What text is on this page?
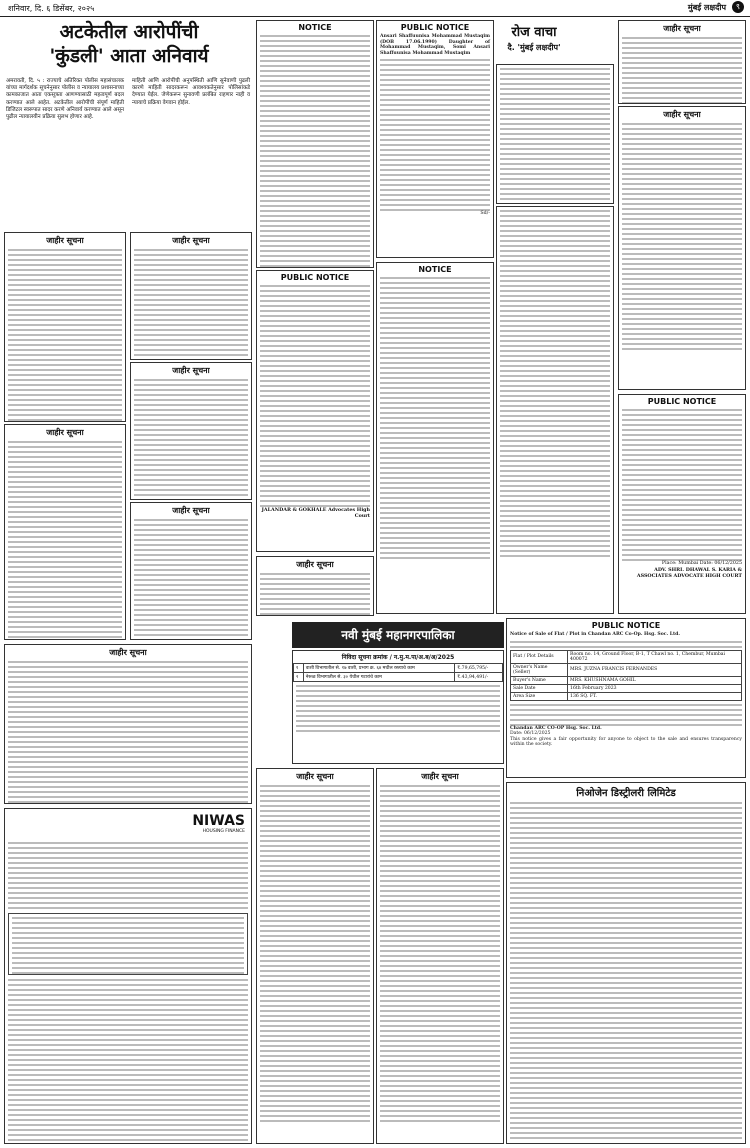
शनिवार, दि. ६ डिसेंबर, २०२५	मुंबई लक्षदीप	९
अटकेतील आरोपींची
'कुंडली' आता अनिवार्य
अमरावती, दि. ५ : राज्याचे अतिरिक्त पोलीस महासंचालक यांच्या मार्गदर्शक सूचनेनुसार पोलीस व न्यायालय प्रशासनाच्या कामकाजात आता एकसूत्रता आणण्यासाठी महत्वपूर्ण बदल करण्यात आले आहेत. अटकेतील आरोपींची संपूर्ण माहिती डिजिटल स्वरूपात सादर करणे अनिवार्य करण्यात आले असून पुढील न्यायालयीन प्रक्रिया सुलभ होणार आहे.
माहिती आणि आरोपींची अनुपस्थिती आणि सुनेवाणी पुढली कारणे माहिती सादरकरून आवश्यकतेनुसार पोलिसांकडे देण्यात येईल. जेणेकरून सुनावणी प्रलंबित राहणार नाही व न्यायाचे प्रक्रिया वेगवान होईल.
जाहीर सूचना	जाहीर सूचना
जाहीर सूचना
जाहीर सूचना
जाहीर सूचना
जाहीर सूचना
NIWAS
HOUSING FINANCE
NOTICE
PUBLIC NOTICE
JALANDAR & GOKHALE Advocates High Court
जाहीर सूचना
PUBLIC NOTICE
Ansari Shaffuunisa Mohammad Mustaqim (DOB 17.06.1990) Daughter of Mohammad Mustaqim, Somi Ansari Shaffuunisa Mohammad Mustaqim
Sd/-
NOTICE
रोज वाचा
दै. 'मुंबई लक्षदीप'
जाहीर सूचना
जाहीर सूचना
PUBLIC NOTICE
Place: Mumbai Date: 06/12/2025
ADV. SHRI. DHAWAL S. KARIA & ASSOCIATES ADVOCATE HIGH COURT
नवी मुंबई महानगरपालिका
निविदा सूचना क्रमांक / न.मु.म.पा/अ.ब/अ/2025
१	वाशी विभागातील से. १७ वाशी, प्रभाग क्र. ६४ मधील रस्त्याचे काम	₹.79,65,795/-
२	नेरूळ विभागातील से. ३० येथील गटारांचे काम	₹.43,94,491/-
PUBLIC NOTICE
Notice of Sale of Flat / Plot in Chandan ARC Co-Op. Hsg. Soc. Ltd.
Flat / Plot Details	Room no. 14, Ground Floor, B-1, T Chawl no. 1, Chembur, Mumbai 400072
Owner's Name (Seller)	MRS. JUZNA FRANCIS FERNANDES
Buyer's Name	MRS. KHUSHNAMA GOHIL
Sale Date	16th February 2023
Area Size	136 SQ. FT.
Chandan ARC CO-OP Hsg. Soc. Ltd.
Date: 06/12/2025
This notice gives a fair opportunity for anyone to object to the sale and ensures transparency within the society.
निओजेन डिस्ट्रीलरी लिमिटेड
जाहीर सूचना	जाहीर सूचना
